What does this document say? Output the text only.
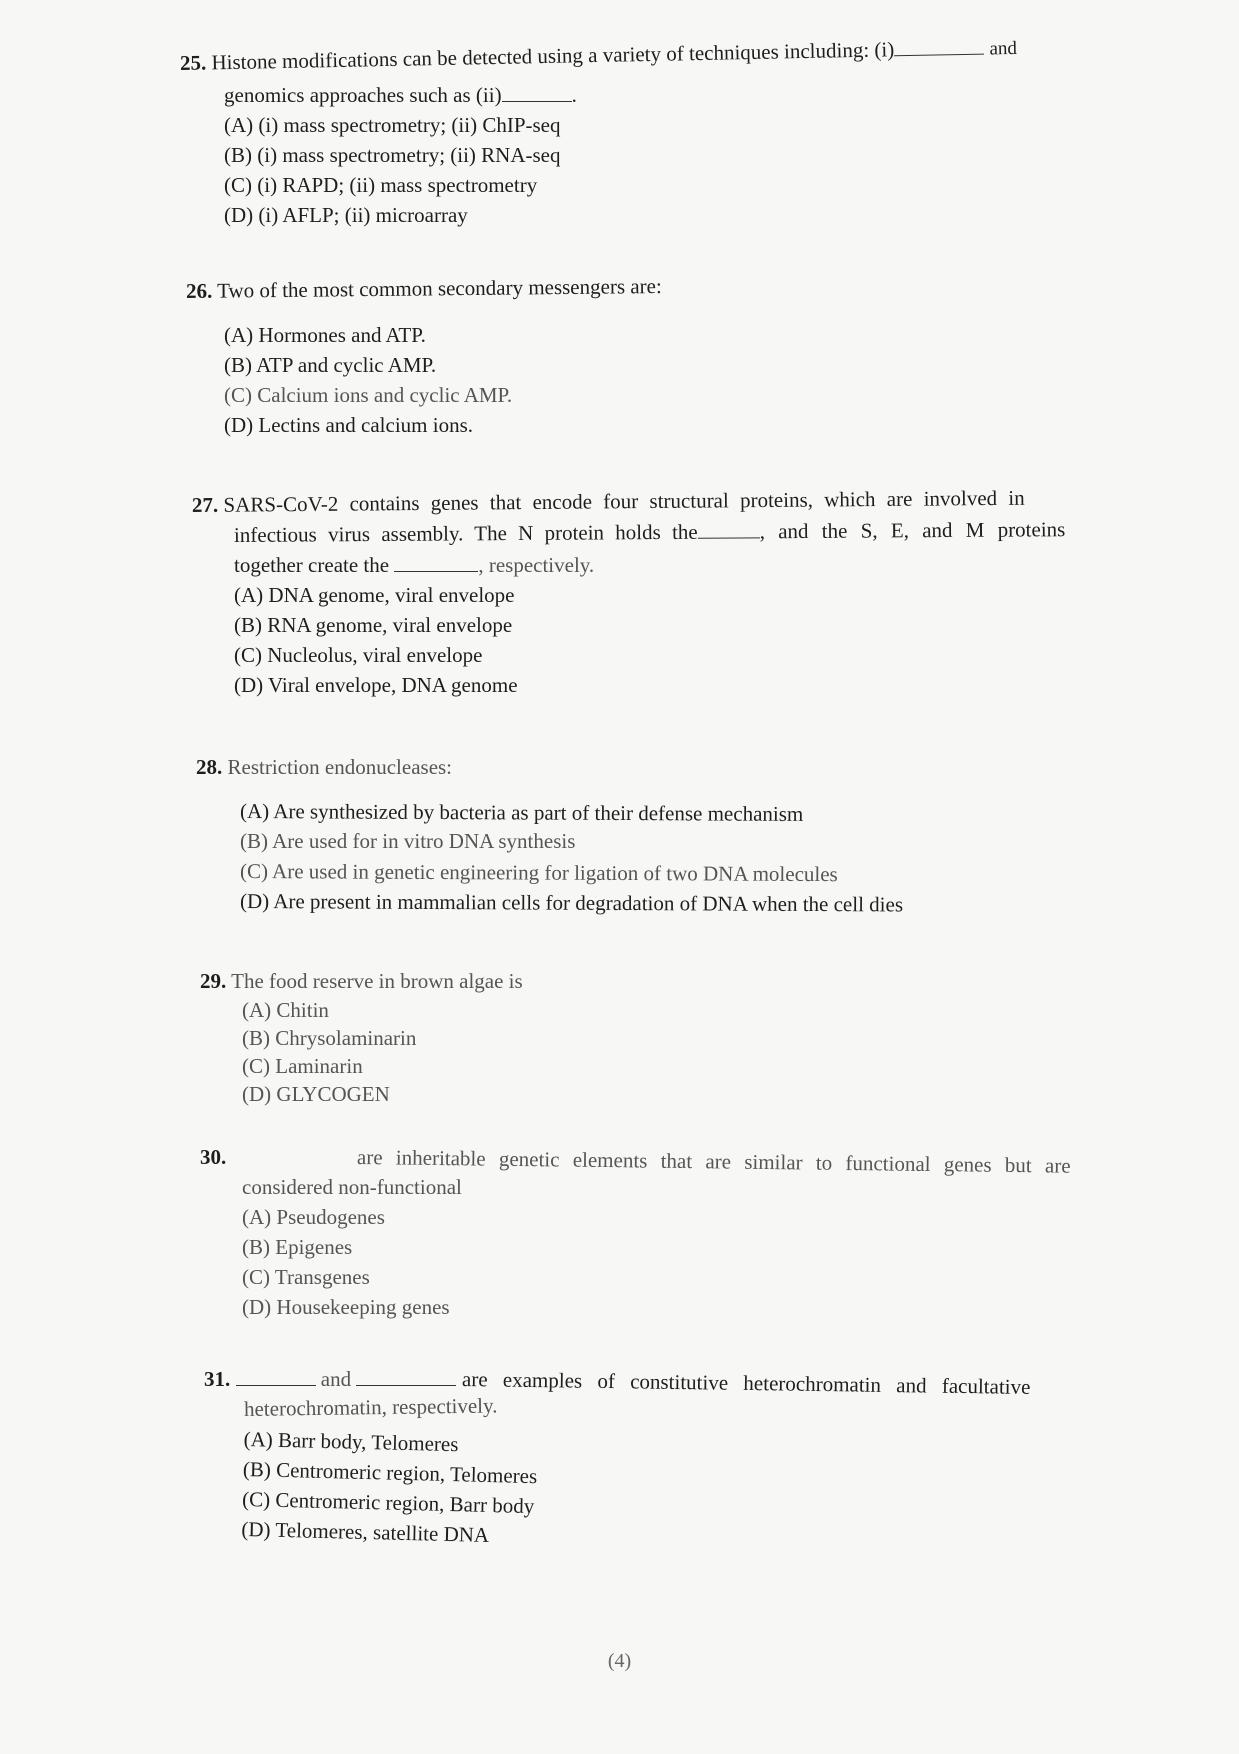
25. Histone modifications can be detected using a variety of techniques including: (i)	and
genomics approaches such as (ii)	.
(A) (i) mass spectrometry; (ii) ChIP-seq
(B) (i) mass spectrometry; (ii) RNA-seq
(C) (i) RAPD; (ii) mass spectrometry
(D) (i) AFLP; (ii) microarray
26. Two of the most common secondary messengers are:
(A) Hormones and ATP.
(B) ATP and cyclic AMP.
(C) Calcium ions and cyclic AMP.
(D) Lectins and calcium ions.
27. SARS-CoV-2 contains genes that encode four structural proteins, which are involved in
infectious virus assembly. The N protein holds the	, and the S, E, and M proteins
together create the	, respectively.
(A) DNA genome, viral envelope
(B) RNA genome, viral envelope
(C) Nucleolus, viral envelope
(D) Viral envelope, DNA genome
28. Restriction endonucleases:
(A) Are synthesized by bacteria as part of their defense mechanism
(B) Are used for in vitro DNA synthesis
(C) Are used in genetic engineering for ligation of two DNA molecules
(D) Are present in mammalian cells for degradation of DNA when the cell dies
29. The food reserve in brown algae is
(A) Chitin
(B) Chrysolaminarin
(C) Laminarin
(D) GLYCOGEN
30.	are inheritable genetic elements that are similar to functional genes but are
considered non-functional
(A) Pseudogenes
(B) Epigenes
(C) Transgenes
(D) Housekeeping genes
31.	and	are examples of constitutive heterochromatin and facultative
heterochromatin, respectively.
(A) Barr body, Telomeres
(B) Centromeric region, Telomeres
(C) Centromeric region, Barr body
(D) Telomeres, satellite DNA
(4)
